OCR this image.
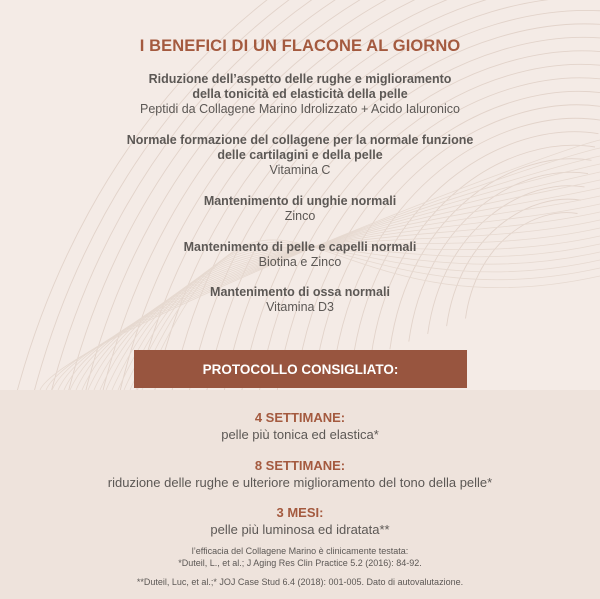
I BENEFICI DI UN FLACONE AL GIORNO
Riduzione dell’aspetto delle rughe e miglioramento
della tonicità ed elasticità della pelle
Peptidi da Collagene Marino Idrolizzato + Acido Ialuronico
Normale formazione del collagene per la normale funzione
delle cartilagini e della pelle
Vitamina C
Mantenimento di unghie normali
Zinco
Mantenimento di pelle e capelli normali
Biotina e Zinco
Mantenimento di ossa normali
Vitamina D3
PROTOCOLLO CONSIGLIATO:
4 SETTIMANE:
pelle più tonica ed elastica*
8 SETTIMANE:
riduzione delle rughe e ulteriore miglioramento del tono della pelle*
3 MESI:
pelle più luminosa ed idratata**
l’efficacia del Collagene Marino è clinicamente testata:
*Duteil, L., et al.; J Aging Res Clin Practice 5.2 (2016): 84-92.
**Duteil, Luc, et al.;* JOJ Case Stud 6.4 (2018): 001-005. Dato di autovalutazione.
